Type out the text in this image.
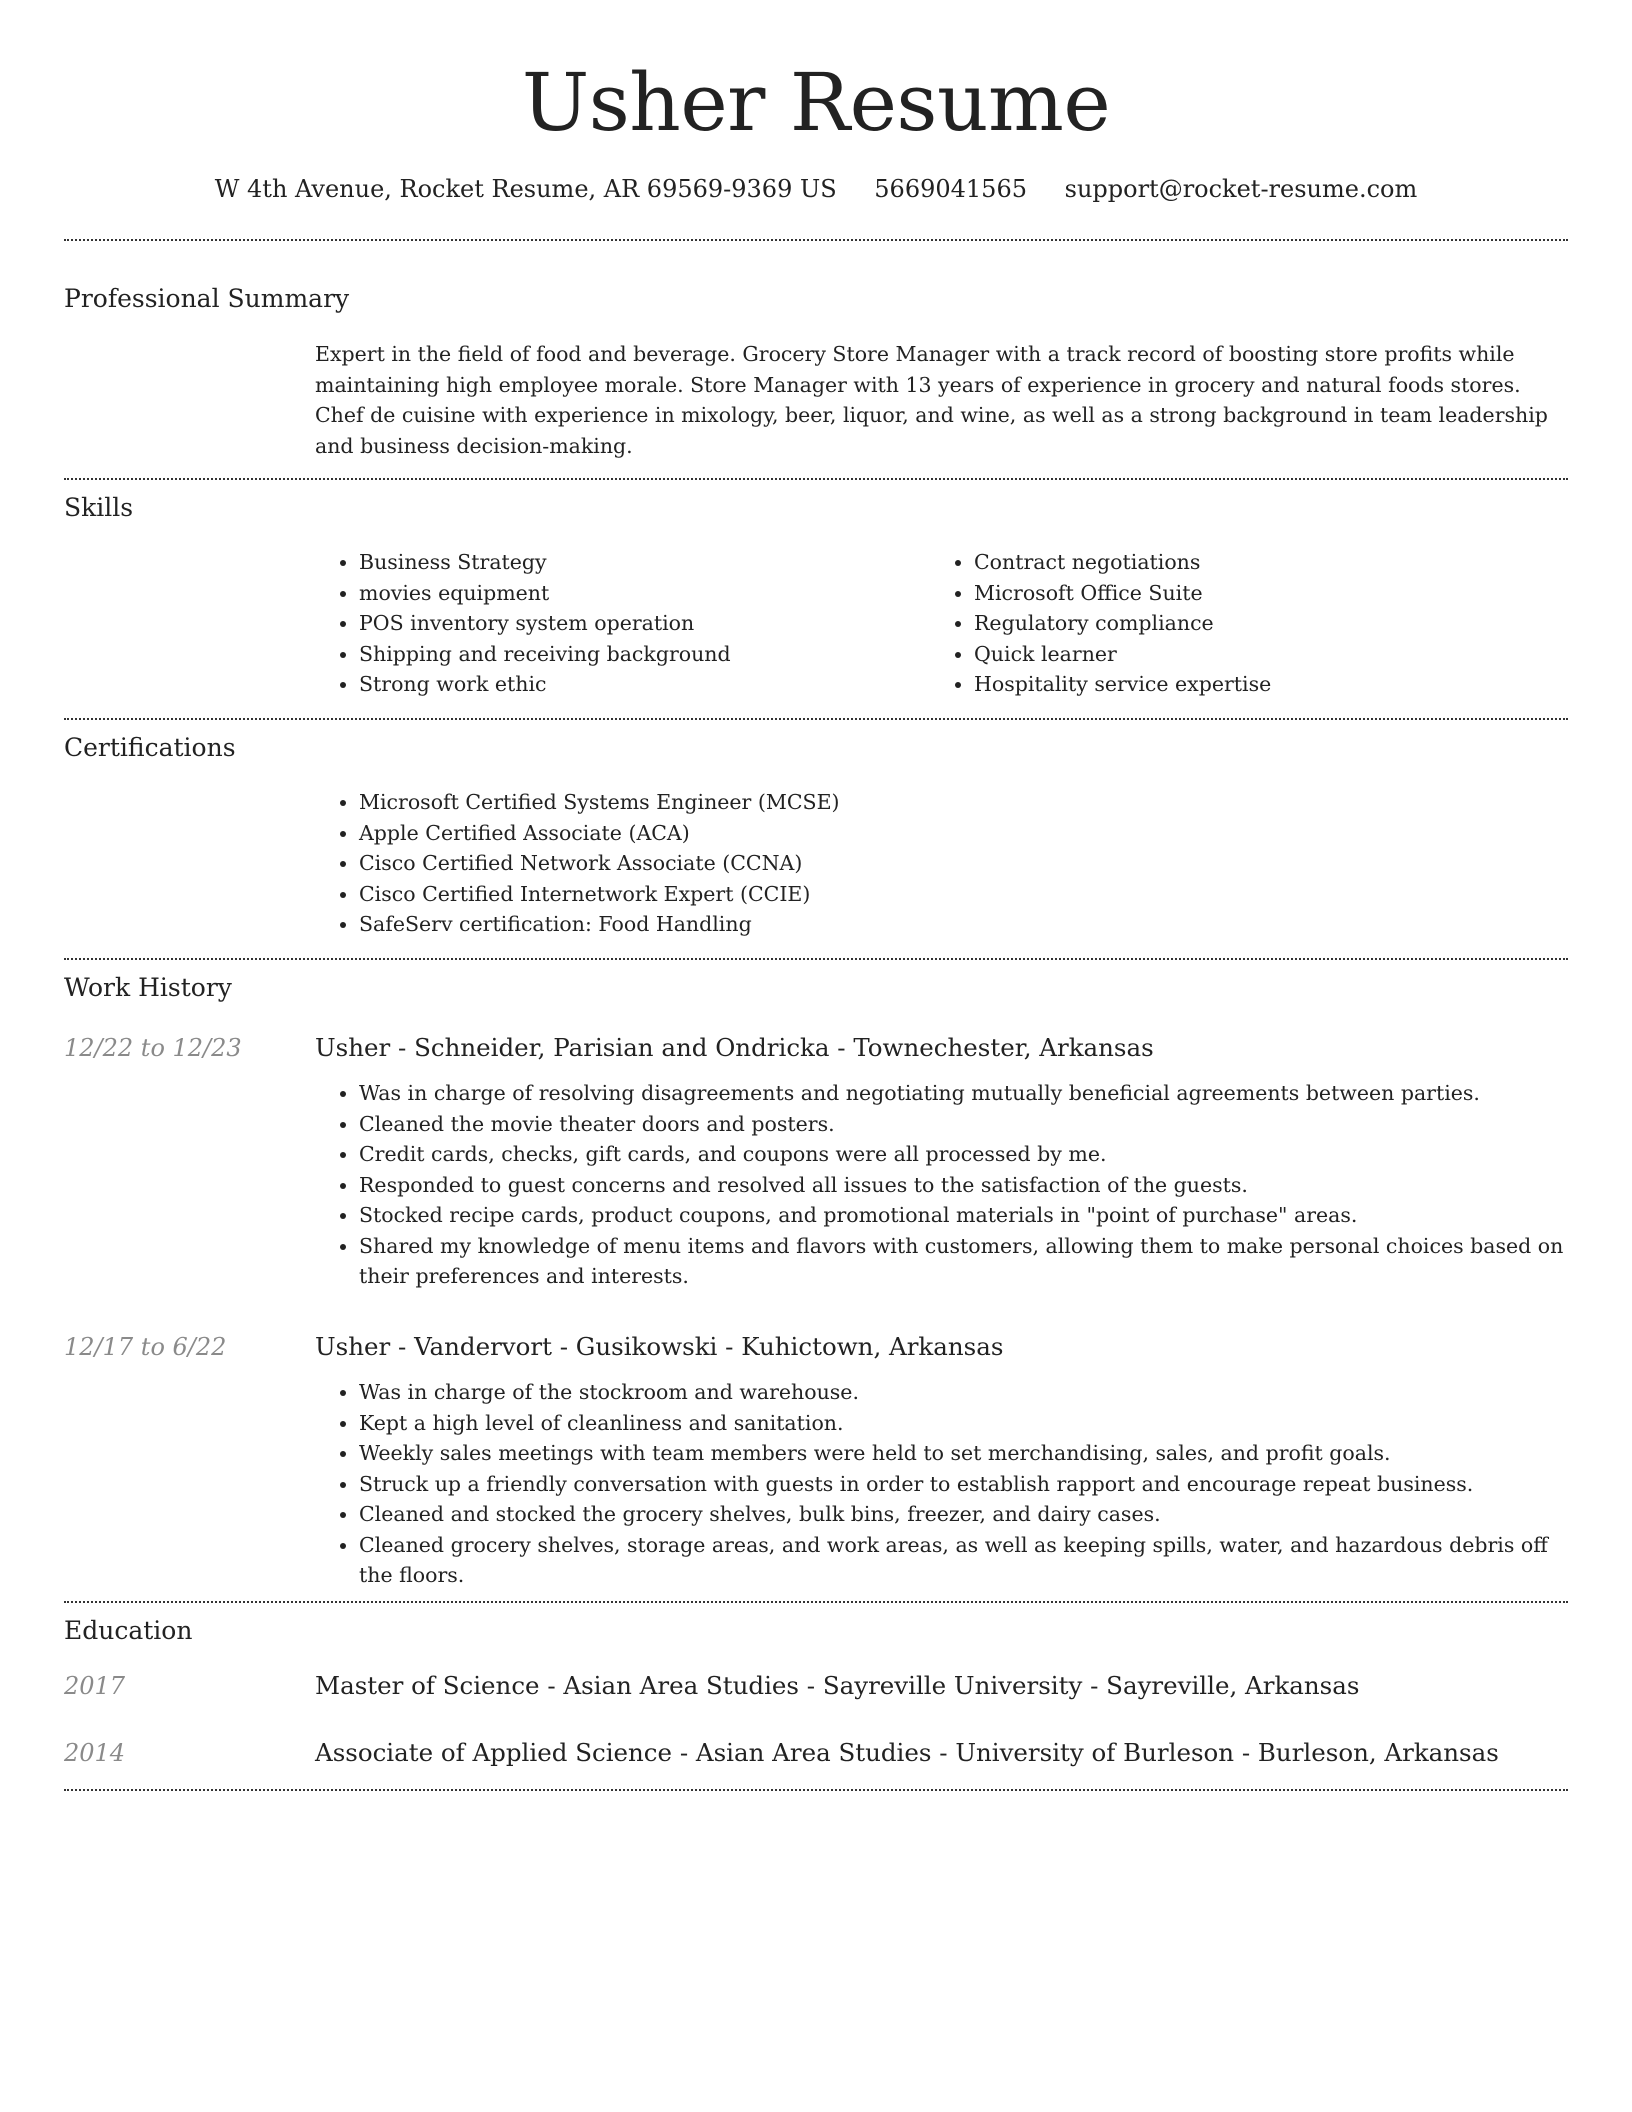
Usher Resume
W 4th Avenue, Rocket Resume, AR 69569-9369 US 5669041565 support@rocket-resume.com
Professional Summary

Expert in the field of food and beverage. Grocery Store Manager with a track record of boosting store profits while maintaining high employee morale. Store Manager with 13 years of experience in grocery and natural foods stores. Chef de cuisine with experience in mixology, beer, liquor, and wine, as well as a strong background in team leadership and business decision-making.

Skills
• Business Strategy
• movies equipment
• POS inventory system operation
• Shipping and receiving background
• Strong work ethic
• Contract negotiations
• Microsoft Office Suite
• Regulatory compliance
• Quick learner
• Hospitality service expertise
Certifications
• Microsoft Certified Systems Engineer (MCSE)
• Apple Certified Associate (ACA)
• Cisco Certified Network Associate (CCNA)
• Cisco Certified Internetwork Expert (CCIE)
• SafeServ certification: Food Handling
Work History
12/22 to 12/23	Usher - Schneider, Parisian and Ondricka - Townechester, Arkansas
• Was in charge of resolving disagreements and negotiating mutually beneficial agreements between parties.
• Cleaned the movie theater doors and posters.
• Credit cards, checks, gift cards, and coupons were all processed by me.
• Responded to guest concerns and resolved all issues to the satisfaction of the guests.
• Stocked recipe cards, product coupons, and promotional materials in "point of purchase" areas.
• Shared my knowledge of menu items and flavors with customers, allowing them to make personal choices based on their preferences and interests.
12/17 to 6/22	Usher - Vandervort - Gusikowski - Kuhictown, Arkansas
• Was in charge of the stockroom and warehouse.
• Kept a high level of cleanliness and sanitation.
• Weekly sales meetings with team members were held to set merchandising, sales, and profit goals.
• Struck up a friendly conversation with guests in order to establish rapport and encourage repeat business.
• Cleaned and stocked the grocery shelves, bulk bins, freezer, and dairy cases.
• Cleaned grocery shelves, storage areas, and work areas, as well as keeping spills, water, and hazardous debris off the floors.
Education
2017	Master of Science - Asian Area Studies - Sayreville University - Sayreville, Arkansas
2014	Associate of Applied Science - Asian Area Studies - University of Burleson - Burleson, Arkansas
